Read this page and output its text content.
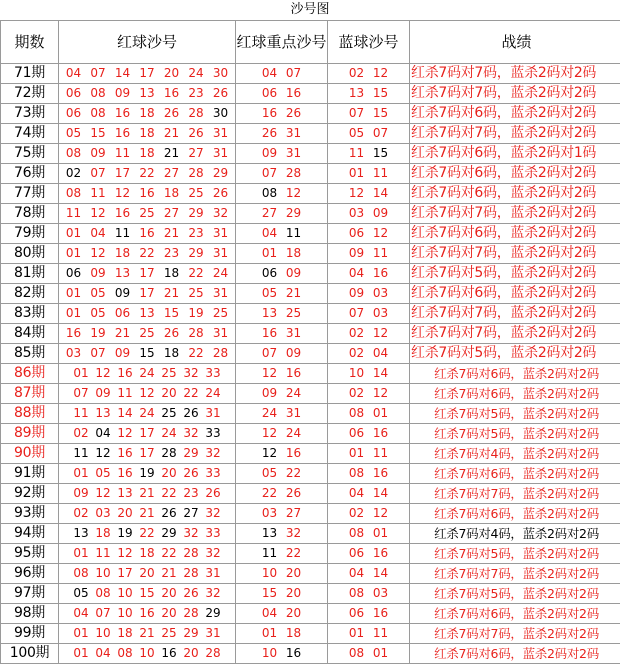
沙号图
期数	红球沙号	红球重点沙号	蓝球沙号	战绩
71期	04 07 14 17 20 24 30	04 07	02 12	红杀7码对7码，蓝杀2码对2码
72期	06 08 09 13 16 23 26	06 16	13 15	红杀7码对7码，蓝杀2码对2码
73期	06 08 16 18 26 28 30	16 26	07 15	红杀7码对6码，蓝杀2码对2码
74期	05 15 16 18 21 26 31	26 31	05 07	红杀7码对7码，蓝杀2码对2码
75期	08 09 11 18 21 27 31	09 31	11 15	红杀7码对6码，蓝杀2码对1码
76期	02 07 17 22 27 28 29	07 28	01 11	红杀7码对6码，蓝杀2码对2码
77期	08 11 12 16 18 25 26	08 12	12 14	红杀7码对6码，蓝杀2码对2码
78期	11 12 16 25 27 29 32	27 29	03 09	红杀7码对7码，蓝杀2码对2码
79期	01 04 11 16 21 23 31	04 11	06 12	红杀7码对6码，蓝杀2码对2码
80期	01 12 18 22 23 29 31	01 18	09 11	红杀7码对7码，蓝杀2码对2码
81期	06 09 13 17 18 22 24	06 09	04 16	红杀7码对5码，蓝杀2码对2码
82期	01 05 09 17 21 25 31	05 21	09 03	红杀7码对6码，蓝杀2码对2码
83期	01 05 06 13 15 19 25	13 25	07 03	红杀7码对7码，蓝杀2码对2码
84期	16 19 21 25 26 28 31	16 31	02 12	红杀7码对7码，蓝杀2码对2码
85期	03 07 09 15 18 22 28	07 09	02 04	红杀7码对5码，蓝杀2码对2码
86期	01 12 16 24 25 32 33	12 16	10 14	红杀7码对6码，蓝杀2码对2码
87期	07 09 11 12 20 22 24	09 24	02 12	红杀7码对6码，蓝杀2码对2码
88期	11 13 14 24 25 26 31	24 31	08 01	红杀7码对5码，蓝杀2码对2码
89期	02 04 12 17 24 32 33	12 24	06 16	红杀7码对5码，蓝杀2码对2码
90期	11 12 16 17 28 29 32	12 16	01 11	红杀7码对4码，蓝杀2码对2码
91期	01 05 16 19 20 26 33	05 22	08 16	红杀7码对6码，蓝杀2码对2码
92期	09 12 13 21 22 23 26	22 26	04 14	红杀7码对7码，蓝杀2码对2码
93期	02 03 20 21 26 27 32	03 27	02 12	红杀7码对6码，蓝杀2码对2码
94期	13 18 19 22 29 32 33	13 32	08 01	红杀7码对4码，蓝杀2码对2码
95期	01 11 12 18 22 28 32	11 22	06 16	红杀7码对5码，蓝杀2码对2码
96期	08 10 17 20 21 28 31	10 20	04 14	红杀7码对7码，蓝杀2码对2码
97期	05 08 10 15 20 26 32	15 20	08 03	红杀7码对5码，蓝杀2码对2码
98期	04 07 10 16 20 28 29	04 20	06 16	红杀7码对6码，蓝杀2码对2码
99期	01 10 18 21 25 29 31	01 18	01 11	红杀7码对7码，蓝杀2码对2码
100期	01 04 08 10 16 20 28	10 16	08 01	红杀7码对6码，蓝杀2码对2码
